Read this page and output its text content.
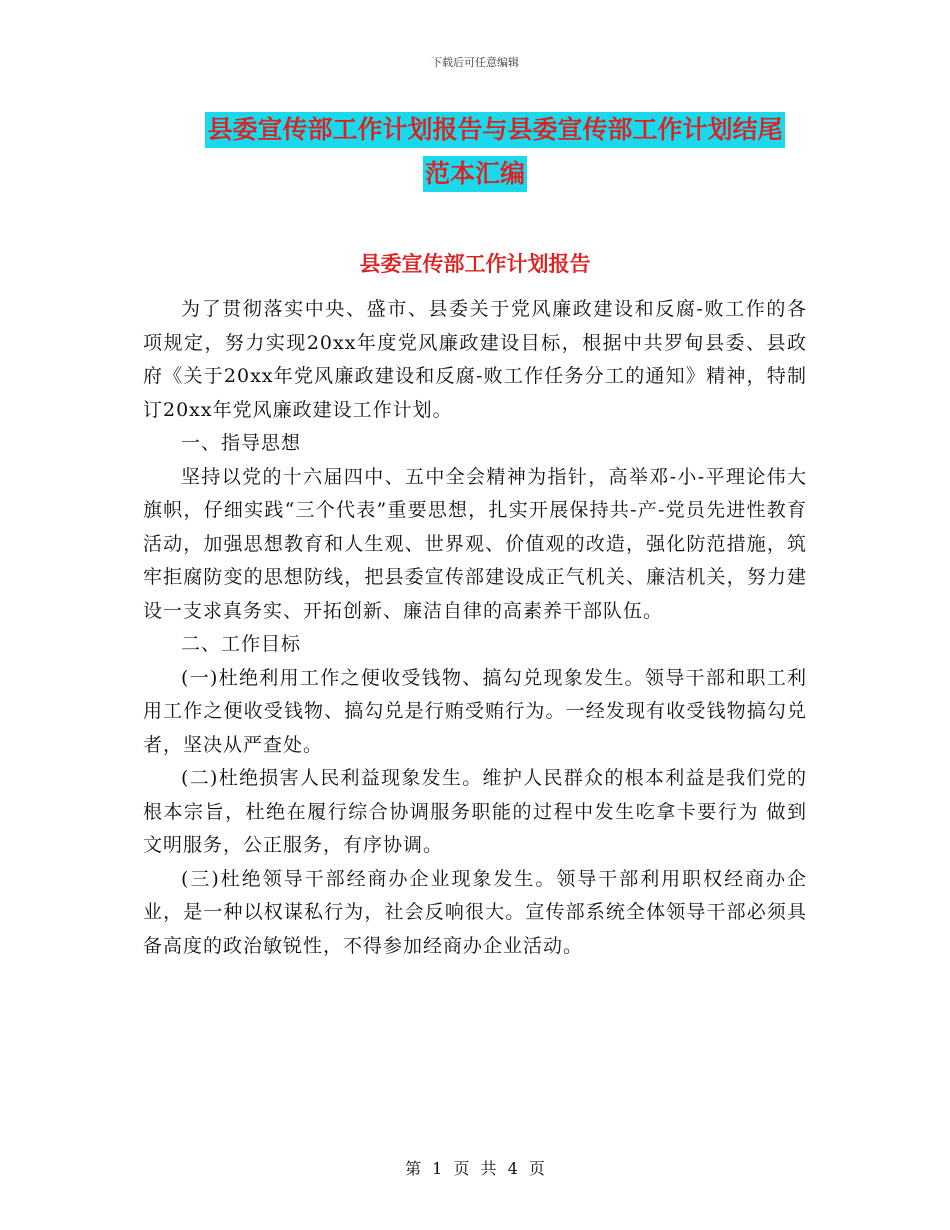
下载后可任意编辑
县委宣传部工作计划报告与县委宣传部工作计划结尾
范本汇编
县委宣传部工作计划报告

为了贯彻落实中央、盛市、县委关于党风廉政建设和反腐-败工作的各项规定，努力实现20xx年度党风廉政建设目标，根据中共罗甸县委、县政府《关于20xx年党风廉政建设和反腐-败工作任务分工的通知》精神，特制订20xx年党风廉政建设工作计划。

一、指导思想

坚持以党的十六届四中、五中全会精神为指针，高举邓-小-平理论伟大旗帜，仔细实践“三个代表”重要思想，扎实开展保持共-产-党员先进性教育活动，加强思想教育和人生观、世界观、价值观的改造，强化防范措施，筑牢拒腐防变的思想防线，把县委宣传部建设成正气机关、廉洁机关，努力建设一支求真务实、开拓创新、廉洁自律的高素养干部队伍。

二、工作目标

(一)杜绝利用工作之便收受钱物、搞勾兑现象发生。领导干部和职工利用工作之便收受钱物、搞勾兑是行贿受贿行为。一经发现有收受钱物搞勾兑者，坚决从严查处。

(二)杜绝损害人民利益现象发生。维护人民群众的根本利益是我们党的根本宗旨，杜绝在履行综合协调服务职能的过程中发生吃拿卡要行为 做到文明服务，公正服务，有序协调。

(三)杜绝领导干部经商办企业现象发生。领导干部利用职权经商办企业，是一种以权谋私行为，社会反响很大。宣传部系统全体领导干部必须具备高度的政治敏锐性，不得参加经商办企业活动。

第 1 页 共 4 页
